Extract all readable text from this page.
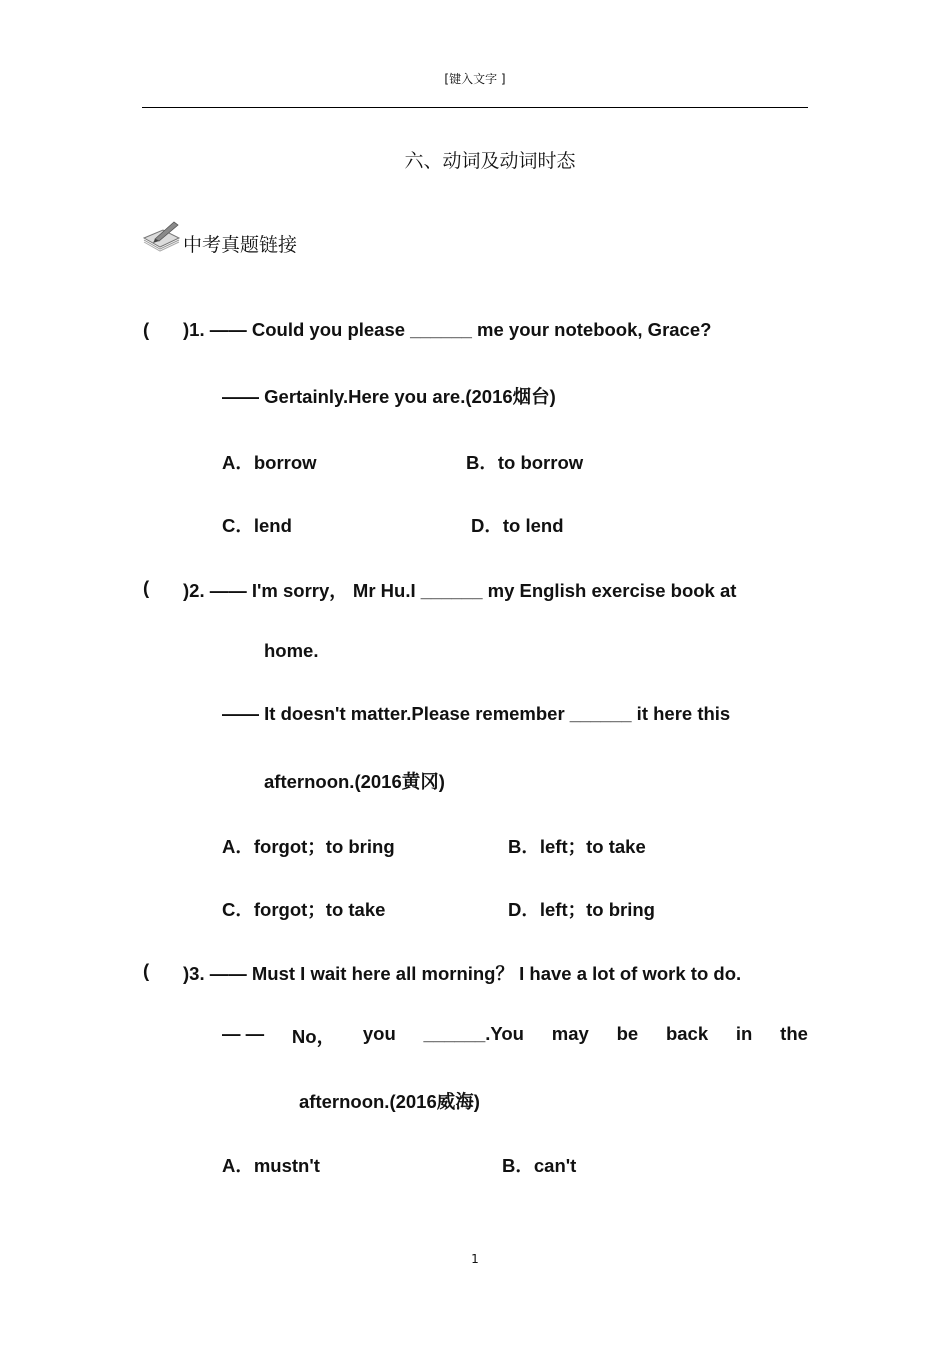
[键入文字 ]
六、动词及动词时态
中考真题链接
( )1. —— Could you please ______ me your notebook, Grace?
—— Gertainly.Here you are.(2016烟台)
A．borrow	B．to borrow
C．lend	D．to lend
( )2. —— I'm sorry， Mr Hu.I ______ my English exercise book at
home.
—— It doesn't matter.Please remember ______ it here this
afternoon.(2016黄冈)
A．forgot；to bring	B．left；to take
C．forgot；to take	D．left；to bring
( )3. —— Must I wait here all morning？ I have a lot of work to do.
— — No， you ______.You may be back in the
afternoon.(2016威海)
A．mustn't	B．can't
1
